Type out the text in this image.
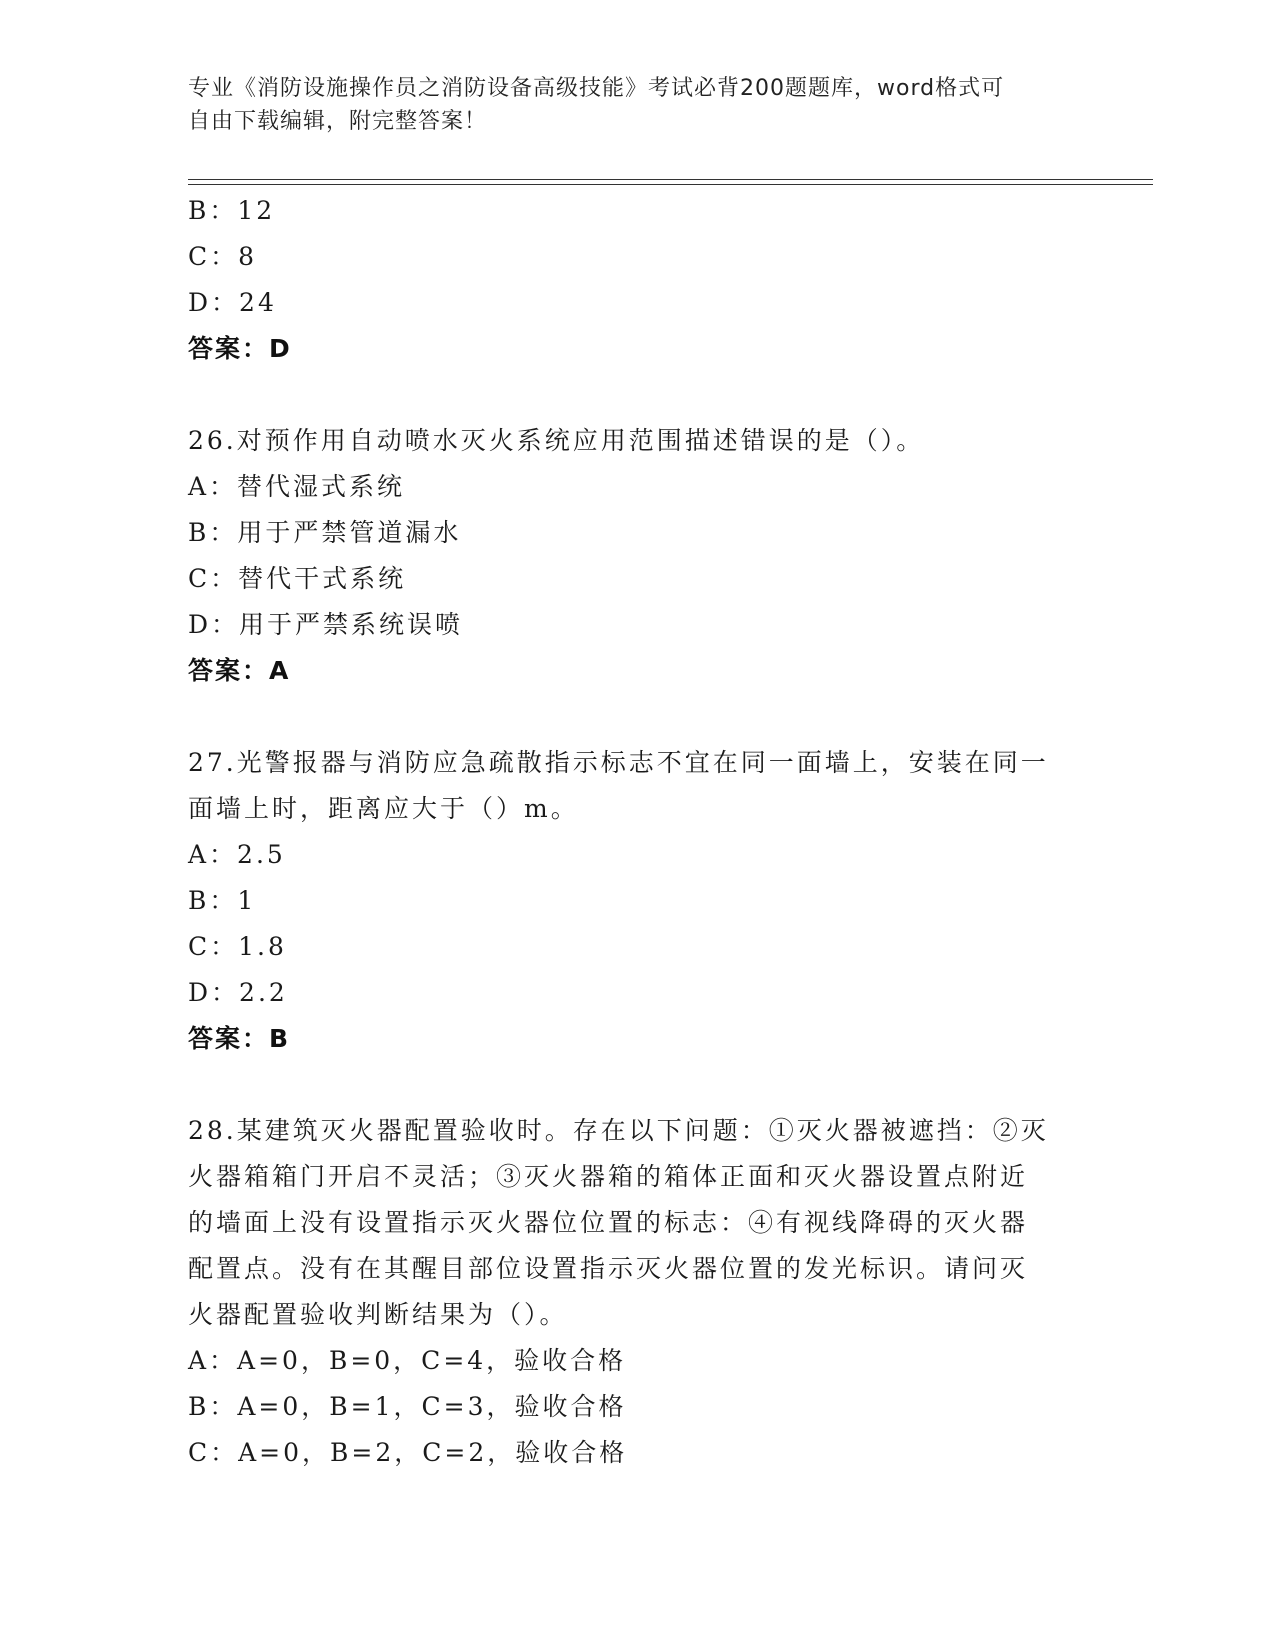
专业《消防设施操作员之消防设备高级技能》考试必背200题题库，word格式可
自由下载编辑，附完整答案！
B：12
C：8
D：24
答案：D
26.对预作用自动喷水灭火系统应用范围描述错误的是（）。
A：替代湿式系统
B：用于严禁管道漏水
C：替代干式系统
D：用于严禁系统误喷
答案：A
27.光警报器与消防应急疏散指示标志不宜在同一面墙上，安装在同一
面墙上时，距离应大于（）m。
A：2.5
B：1
C：1.8
D：2.2
答案：B
28.某建筑灭火器配置验收时。存在以下问题：①灭火器被遮挡：②灭
火器箱箱门开启不灵活；③灭火器箱的箱体正面和灭火器设置点附近
的墙面上没有设置指示灭火器位位置的标志：④有视线降碍的灭火器
配置点。没有在其醒目部位设置指示灭火器位置的发光标识。请问灭
火器配置验收判断结果为（）。
A：A=0，B=0，C=4，验收合格
B：A=0，B=1，C=3，验收合格
C：A=0，B=2，C=2，验收合格
